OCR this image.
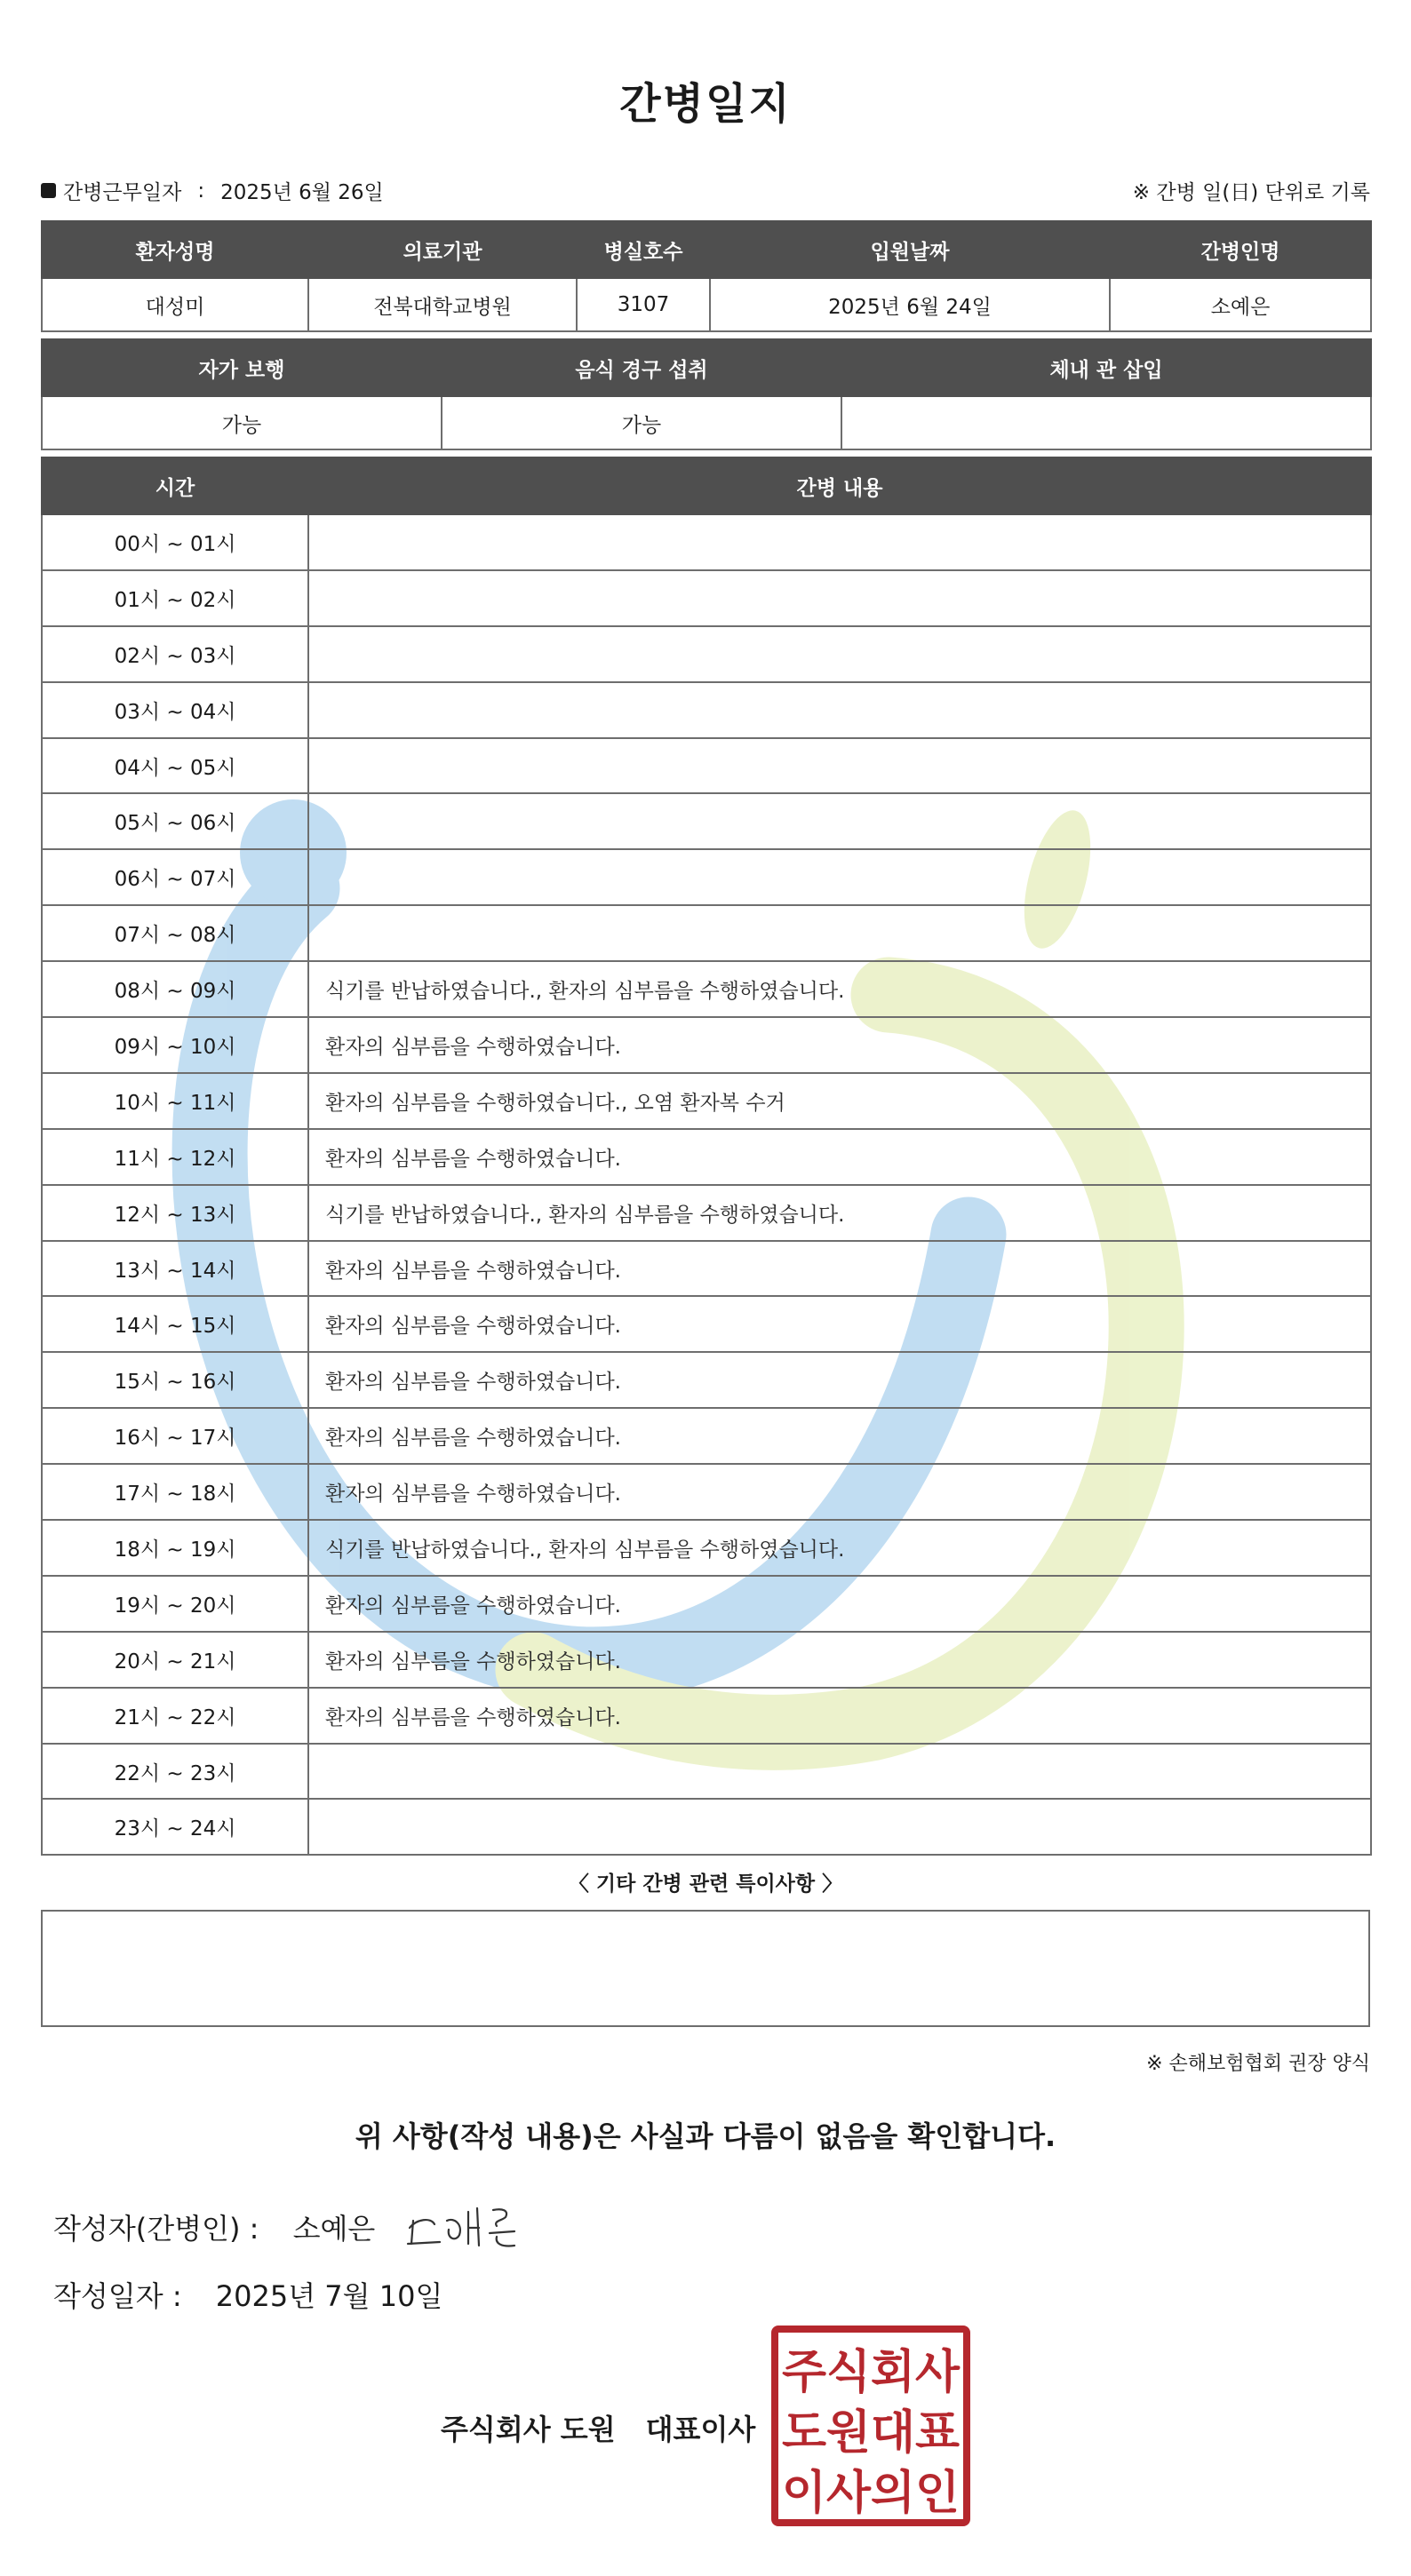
간병일지
간병근무일자 : 2025년 6월 26일	※ 간병 일(日) 단위로 기록
환자성명	의료기관	병실호수	입원날짜	간병인명
대성미	전북대학교병원	3107	2025년 6월 24일	소예은
자가 보행	음식 경구 섭취	체내 관 삽입
가능	가능	
시간	간병 내용
00시 ~ 01시	
01시 ~ 02시	
02시 ~ 03시	
03시 ~ 04시	
04시 ~ 05시	
05시 ~ 06시	
06시 ~ 07시	
07시 ~ 08시	
08시 ~ 09시	식기를 반납하였습니다., 환자의 심부름을 수행하였습니다.
09시 ~ 10시	환자의 심부름을 수행하였습니다.
10시 ~ 11시	환자의 심부름을 수행하였습니다., 오염 환자복 수거
11시 ~ 12시	환자의 심부름을 수행하였습니다.
12시 ~ 13시	식기를 반납하였습니다., 환자의 심부름을 수행하였습니다.
13시 ~ 14시	환자의 심부름을 수행하였습니다.
14시 ~ 15시	환자의 심부름을 수행하였습니다.
15시 ~ 16시	환자의 심부름을 수행하였습니다.
16시 ~ 17시	환자의 심부름을 수행하였습니다.
17시 ~ 18시	환자의 심부름을 수행하였습니다.
18시 ~ 19시	식기를 반납하였습니다., 환자의 심부름을 수행하였습니다.
19시 ~ 20시	환자의 심부름을 수행하였습니다.
20시 ~ 21시	환자의 심부름을 수행하였습니다.
21시 ~ 22시	환자의 심부름을 수행하였습니다.
22시 ~ 23시	
23시 ~ 24시	
〈 기타 간병 관련 특이사항 〉
※ 손해보험협회 권장 양식
위 사항(작성 내용)은 사실과 다름이 없음을 확인합니다.
작성자(간병인) : 소예은
작성일자 : 2025년 7월 10일
주식회사 도원 대표이사
주식회사
도원대표
이사의인
